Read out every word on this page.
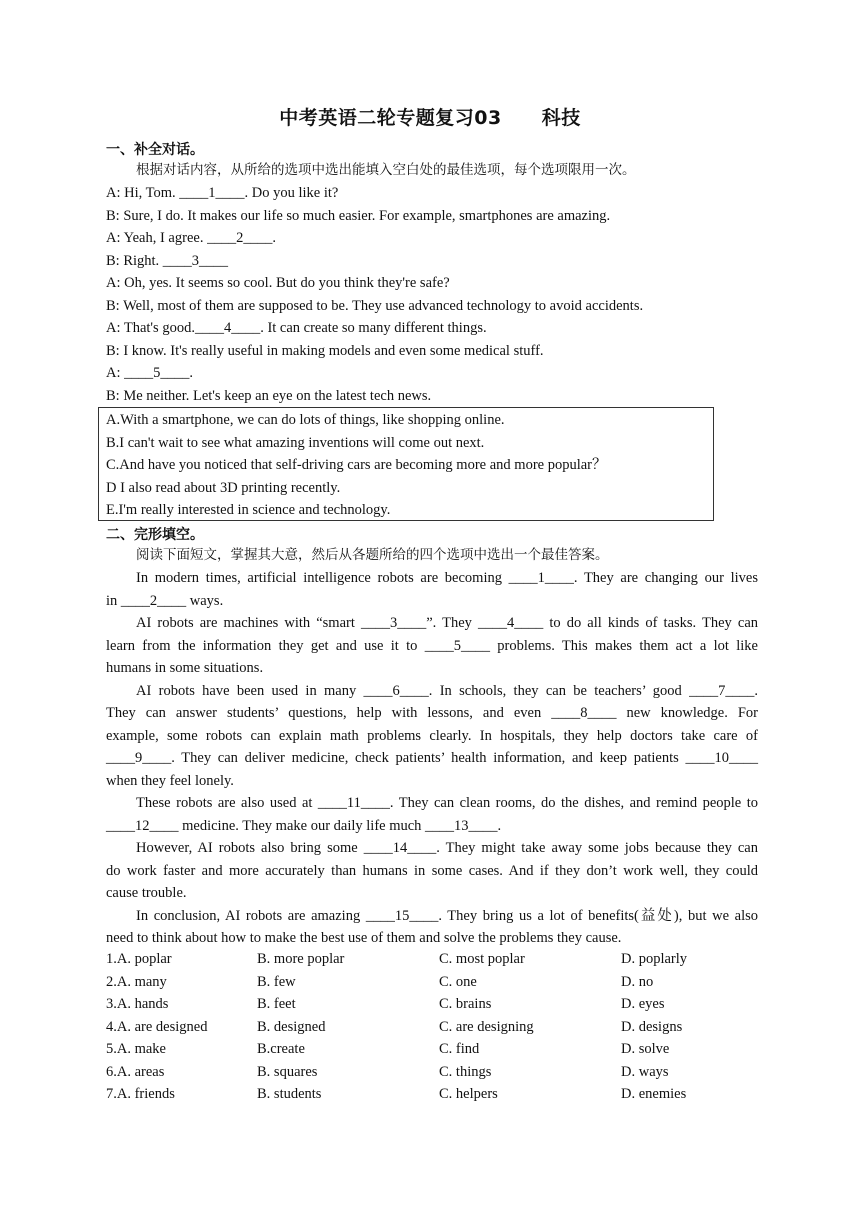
中考英语二轮专题复习03 科技
一、补全对话。
根据对话内容，从所给的选项中选出能填入空白处的最佳选项，每个选项限用一次。
A: Hi, Tom. ____1____. Do you like it?
B: Sure, I do. It makes our life so much easier. For example, smartphones are amazing.
A: Yeah, I agree. ____2____.
B: Right. ____3____
A: Oh, yes. It seems so cool. But do you think they're safe?
B: Well, most of them are supposed to be. They use advanced technology to avoid accidents.
A: That's good.____4____. It can create so many different things.
B: I know. It's really useful in making models and even some medical stuff.
A: ____5____.
B: Me neither. Let's keep an eye on the latest tech news.
A.With a smartphone, we can do lots of things, like shopping online.
B.I can't wait to see what amazing inventions will come out next.
C.And have you noticed that self-driving cars are becoming more and more popular？
D I also read about 3D printing recently.
E.I'm really interested in science and technology.
二、完形填空。
阅读下面短文，掌握其大意，然后从各题所给的四个选项中选出一个最佳答案。
In modern times, artificial intelligence robots are becoming ____1____. They are changing our lives
in ____2____ ways.
AI robots are machines with “smart ____3____”. They ____4____ to do all kinds of tasks. They can
learn from the information they get and use it to ____5____ problems. This makes them act a lot like
humans in some situations.
AI robots have been used in many ____6____. In schools, they can be teachers’ good ____7____.
They can answer students’ questions, help with lessons, and even ____8____ new knowledge. For
example, some robots can explain math problems clearly. In hospitals, they help doctors take care of
____9____. They can deliver medicine, check patients’ health information, and keep patients ____10____
when they feel lonely.
These robots are also used at ____11____. They can clean rooms, do the dishes, and remind people to
____12____ medicine. They make our daily life much ____13____.
However, AI robots also bring some ____14____. They might take away some jobs because they can
do work faster and more accurately than humans in some cases. And if they don’t work well, they could
cause trouble.
In conclusion, AI robots are amazing ____15____. They bring us a lot of benefits(益处), but we also
need to think about how to make the best use of them and solve the problems they cause.
1.A. poplar	B. more poplar	C. most poplar	D. poplarly
2.A. many	B. few	C. one	D. no
3.A. hands	B. feet	C. brains	D. eyes
4.A. are designed	B. designed	C. are designing	D. designs
5.A. make	B.create	C. find	D. solve
6.A. areas	B. squares	C. things	D. ways
7.A. friends	B. students	C. helpers	D. enemies
